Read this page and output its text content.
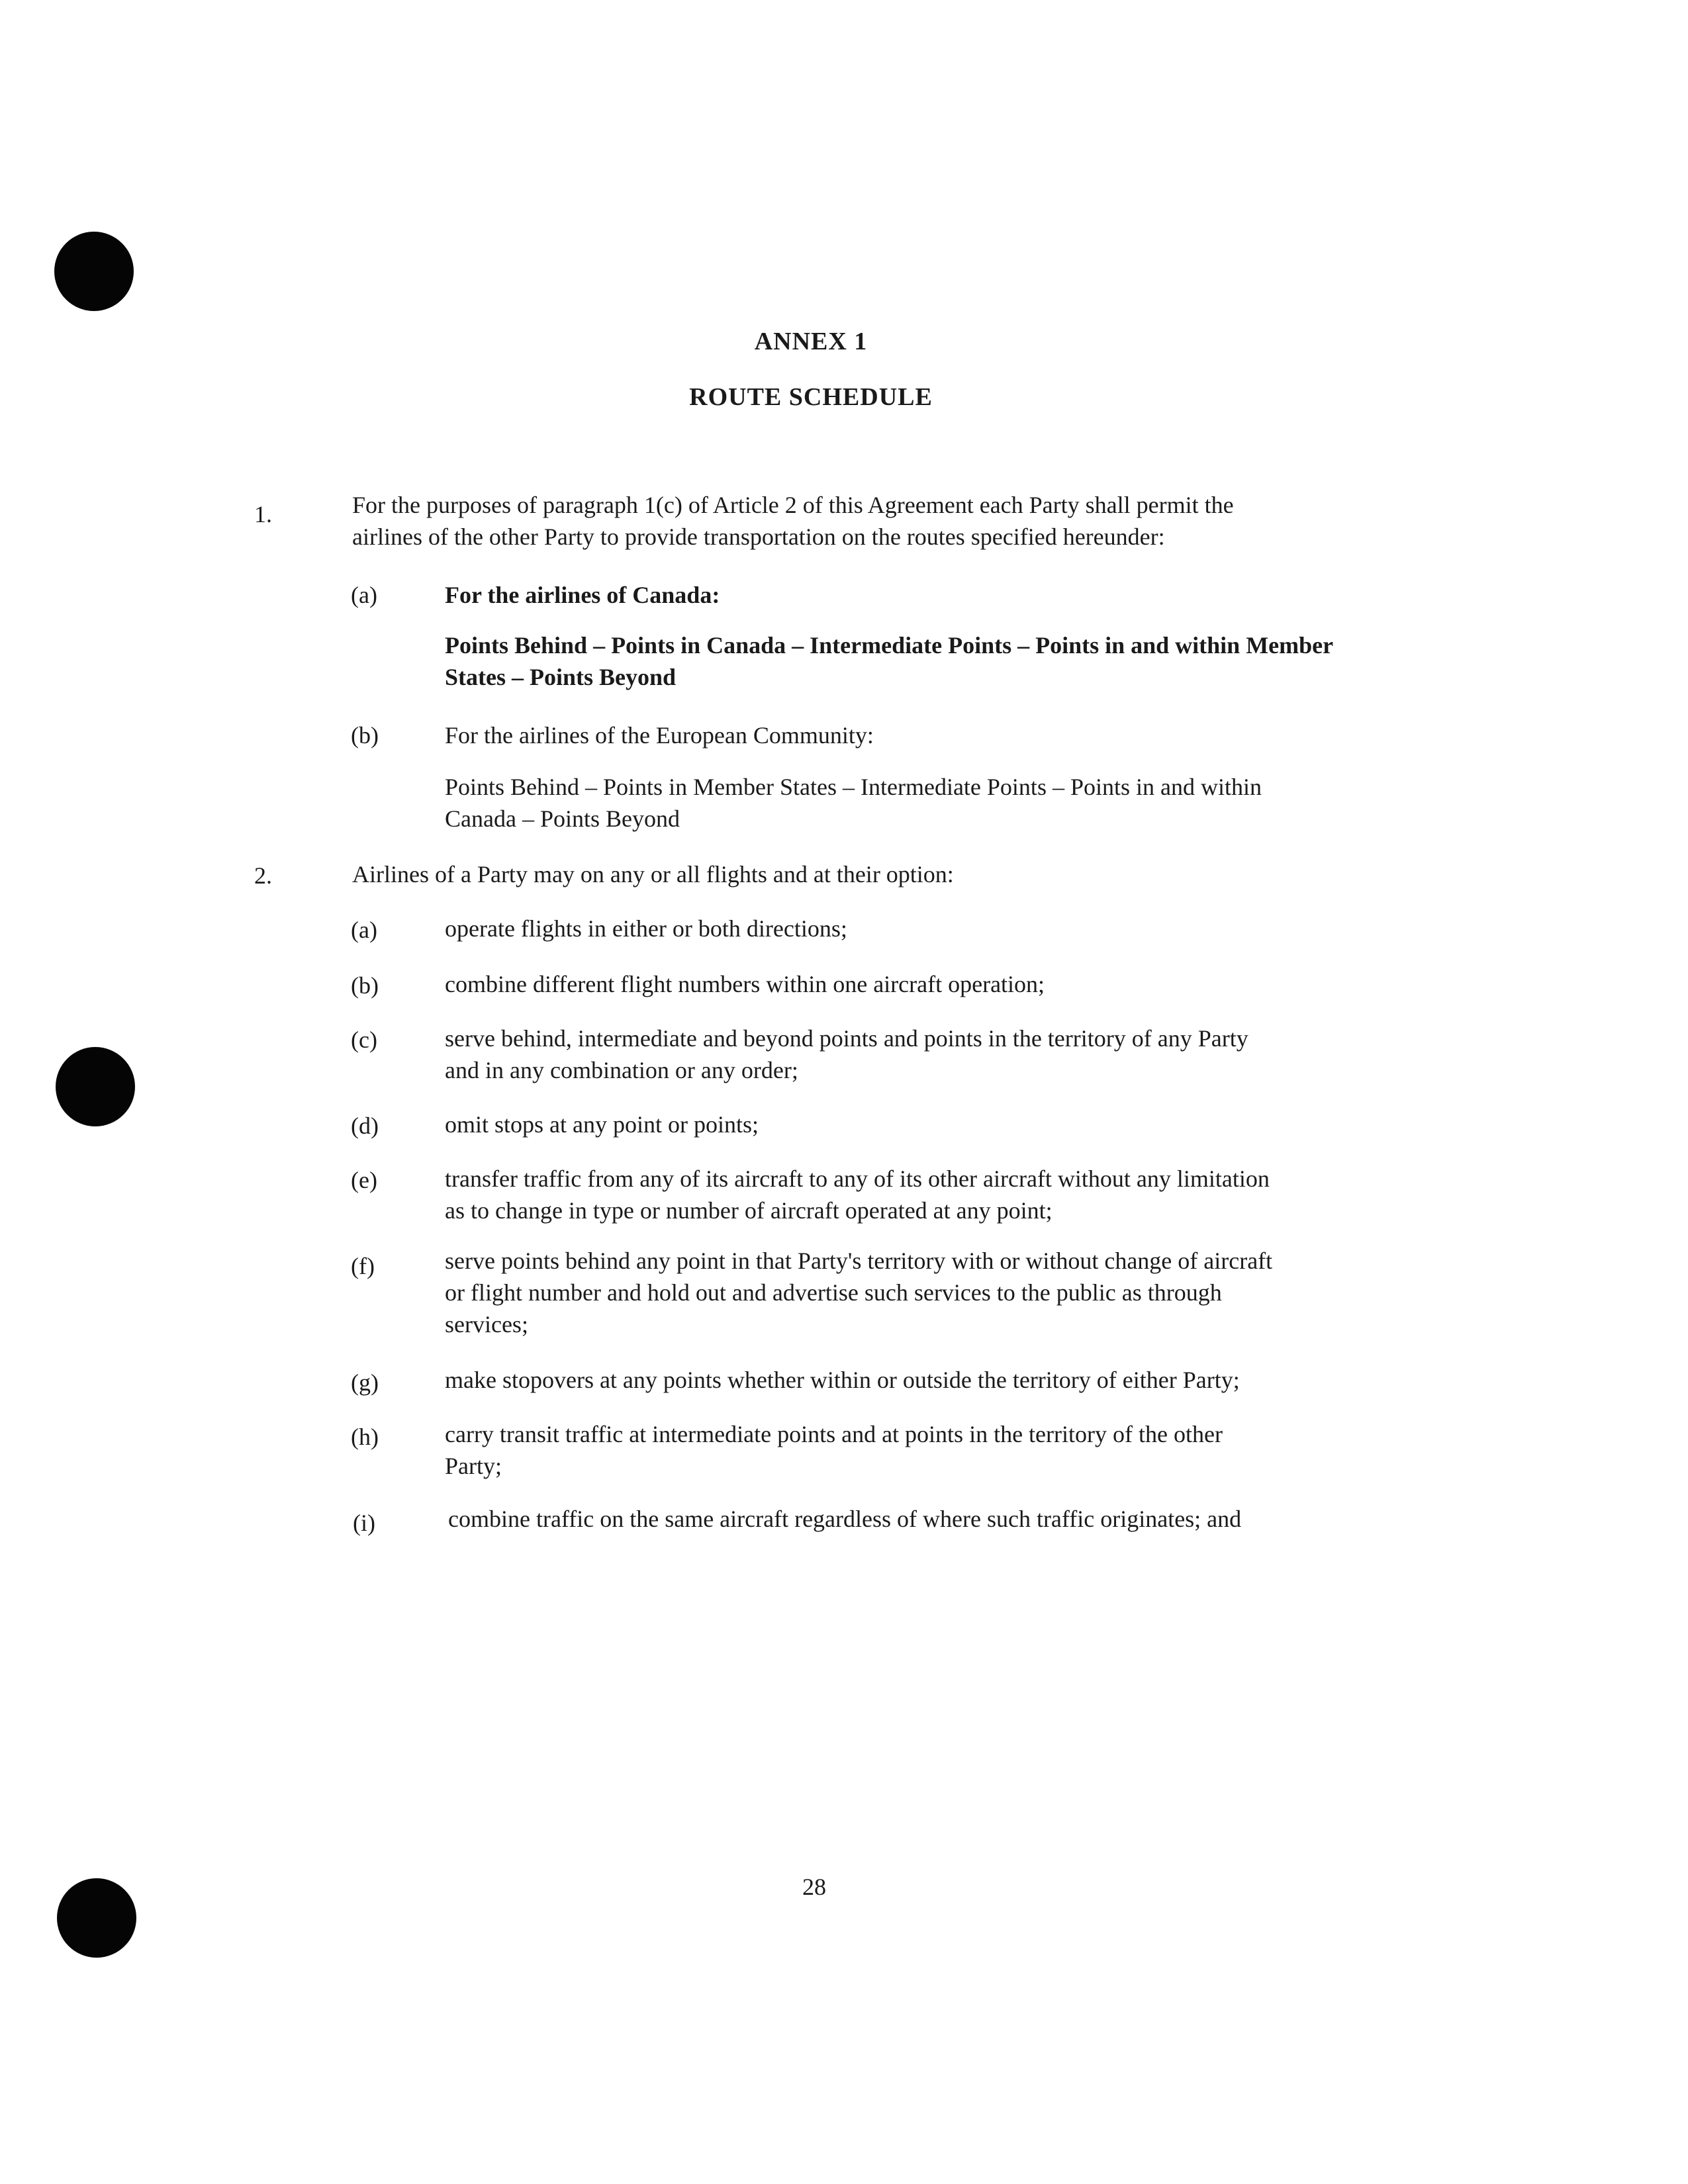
ANNEX 1
ROUTE SCHEDULE
1.	For the purposes of paragraph 1(c) of Article 2 of this Agreement each Party shall permit the
airlines of the other Party to provide transportation on the routes specified hereunder:
(a)	For the airlines of Canada:
Points Behind – Points in Canada – Intermediate Points – Points in and within Member
States – Points Beyond
(b)	For the airlines of the European Community:
Points Behind – Points in Member States – Intermediate Points – Points in and within
Canada – Points Beyond
2.	Airlines of a Party may on any or all flights and at their option:
(a)	operate flights in either or both directions;
(b)	combine different flight numbers within one aircraft operation;
(c)	serve behind, intermediate and beyond points and points in the territory of any Party
and in any combination or any order;
(d)	omit stops at any point or points;
(e)	transfer traffic from any of its aircraft to any of its other aircraft without any limitation
as to change in type or number of aircraft operated at any point;
(f)	serve points behind any point in that Party's territory with or without change of aircraft
or flight number and hold out and advertise such services to the public as through
services;
(g)	make stopovers at any points whether within or outside the territory of either Party;
(h)	carry transit traffic at intermediate points and at points in the territory of the other
Party;
(i)	combine traffic on the same aircraft regardless of where such traffic originates; and
28
